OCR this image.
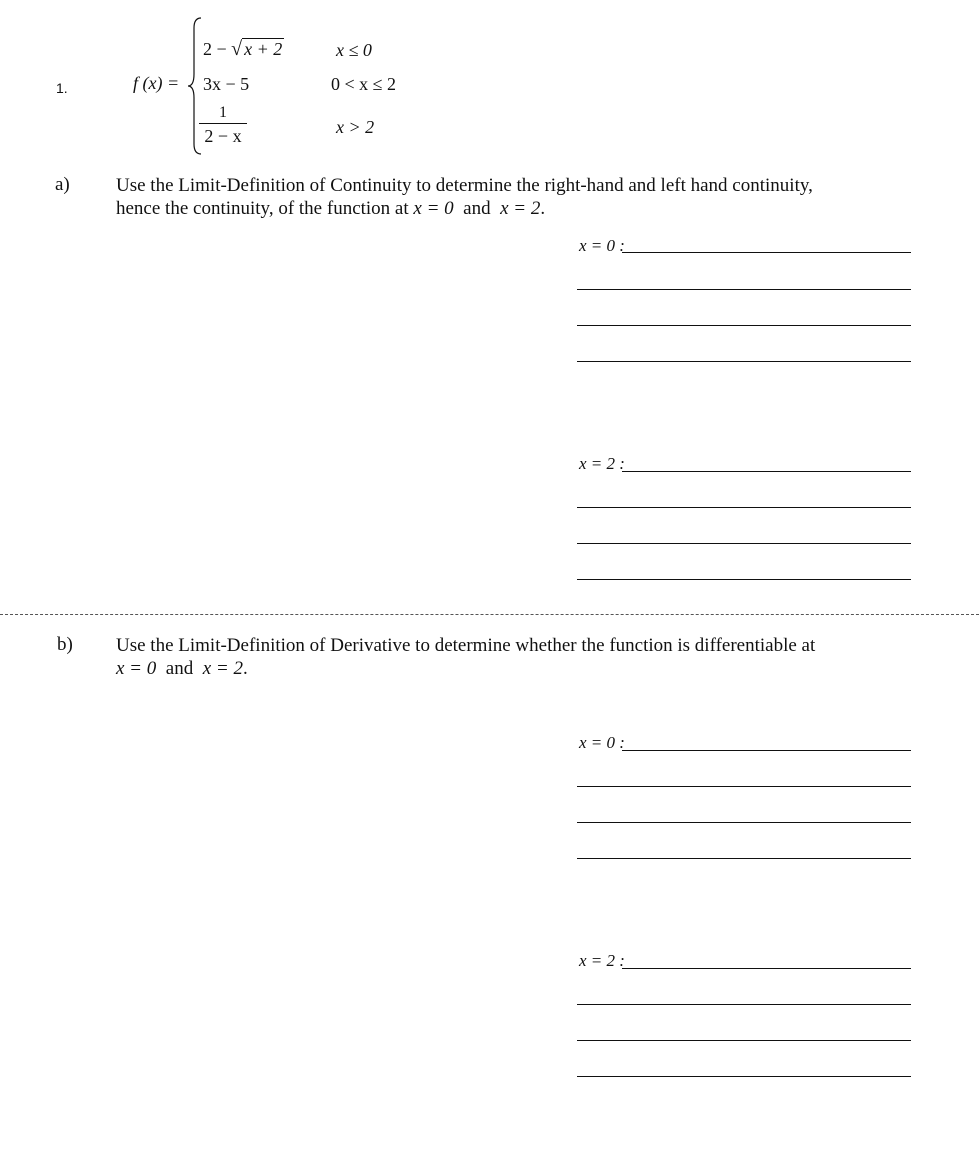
1.	f (x) =
2 − √ x + 2	x ≤ 0
3x − 5	0 < x ≤ 2
1
2 − x	x > 2
a) Use the Limit-Definition of Continuity to determine the right-hand and left hand continuity,
hence the continuity, of the function at x = 0 and x = 2.
x = 0 :
x = 2 :
b) Use the Limit-Definition of Derivative to determine whether the function is differentiable at
x = 0 and x = 2.
x = 0 :
x = 2 :
